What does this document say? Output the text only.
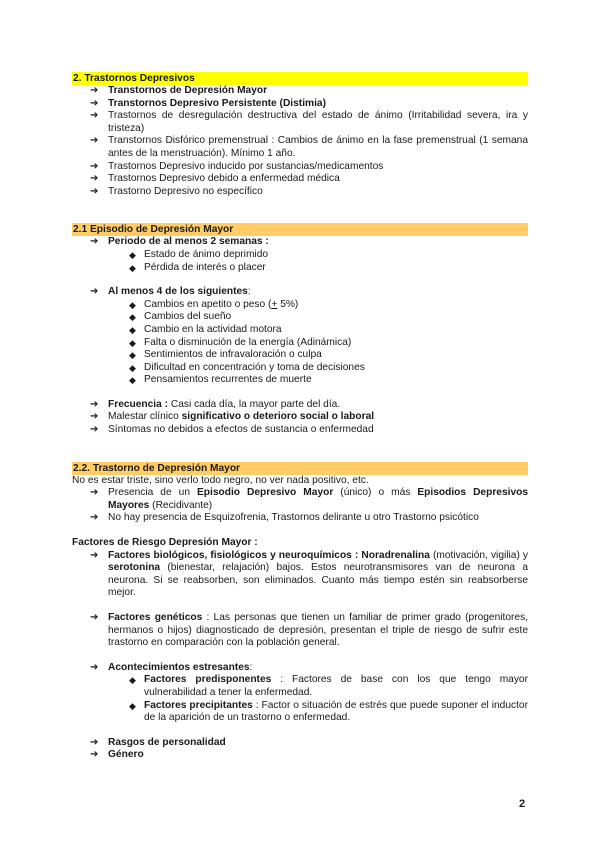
2. Trastornos Depresivos
➔ Transtornos de Depresión Mayor
➔ Transtornos Depresivo Persistente (Distimia)
➔ Trastornos de desregulación destructiva del estado de ánimo (Irritabilidad severa, ira y tristeza)
➔ Transtornos Disfórico premenstrual : Cambios de ánimo en la fase premenstrual (1 semana antes de la menstruación). Mínimo 1 año.
➔ Trastornos Depresivo inducido por sustancias/medicamentos
➔ Trastornos Depresivo debido a enfermedad médica
➔ Trastorno Depresivo no específico
2.1 Episodio de Depresión Mayor
➔ Periodo de al menos 2 semanas :
◆ Estado de ánimo deprimido
◆ Pérdida de interés o placer
➔ Al menos 4 de los siguientes:
◆ Cambios en apetito o peso (+ 5%)
◆ Cambios del sueño
◆ Cambio en la actividad motora
◆ Falta o disminución de la energía (Adinámica)
◆ Sentimientos de infravaloración o culpa
◆ Dificultad en concentración y toma de decisiones
◆ Pensamientos recurrentes de muerte
➔ Frecuencia : Casi cada día, la mayor parte del día.
➔ Malestar clínico significativo o deterioro social o laboral
➔ Síntomas no debidos a efectos de sustancia o enfermedad
2.2. Trastorno de Depresión Mayor
No es estar triste, sino verlo todo negro, no ver nada positivo, etc.
➔ Presencia de un Episodio Depresivo Mayor (único) o más Episodios Depresivos Mayores (Recidivante)
➔ No hay presencia de Esquizofrenia, Trastornos delirante u otro Trastorno psicótico
Factores de Riesgo Depresión Mayor :
➔ Factores biológicos, fisiológicos y neuroquímicos : Noradrenalina (motivación, vigilia) y serotonina (bienestar, relajación) bajos. Estos neurotransmisores van de neurona a neurona. Si se reabsorben, son eliminados. Cuanto más tiempo estén sin reabsorberse mejor.
➔ Factores genéticos : Las personas que tienen un familiar de primer grado (progenitores, hermanos o hijos) diagnosticado de depresión, presentan el triple de riesgo de sufrir este trastorno en comparación con la población general.
➔ Acontecimientos estresantes:
◆ Factores predisponentes : Factores de base con los que tengo mayor vulnerabilidad a tener la enfermedad.
◆ Factores precipitantes : Factor o situación de estrés que puede suponer el inductor de la aparición de un trastorno o enfermedad.
➔ Rasgos de personalidad
➔ Género
2
